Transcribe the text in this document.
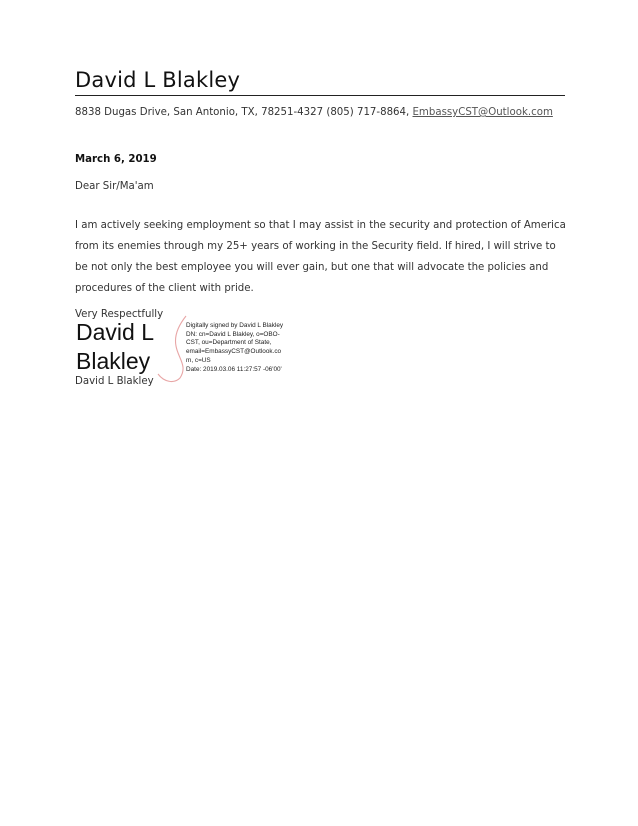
David L Blakley
8838 Dugas Drive, San Antonio, TX, 78251-4327 (805) 717-8864, EmbassyCST@Outlook.com
March 6, 2019
Dear Sir/Ma'am
I am actively seeking employment so that I may assist in the security and protection of America from its enemies through my 25+ years of working in the Security field. If hired, I will strive to be not only the best employee you will ever gain, but one that will advocate the policies and procedures of the client with pride.
Very Respectfully
David L
Blakley
Digitally signed by David L Blakley
DN: cn=David L Blakley, o=OBO-
CST, ou=Department of State,
email=EmbassyCST@Outlook.co
m, c=US
Date: 2019.03.06 11:27:57 -06'00'
David L Blakley
